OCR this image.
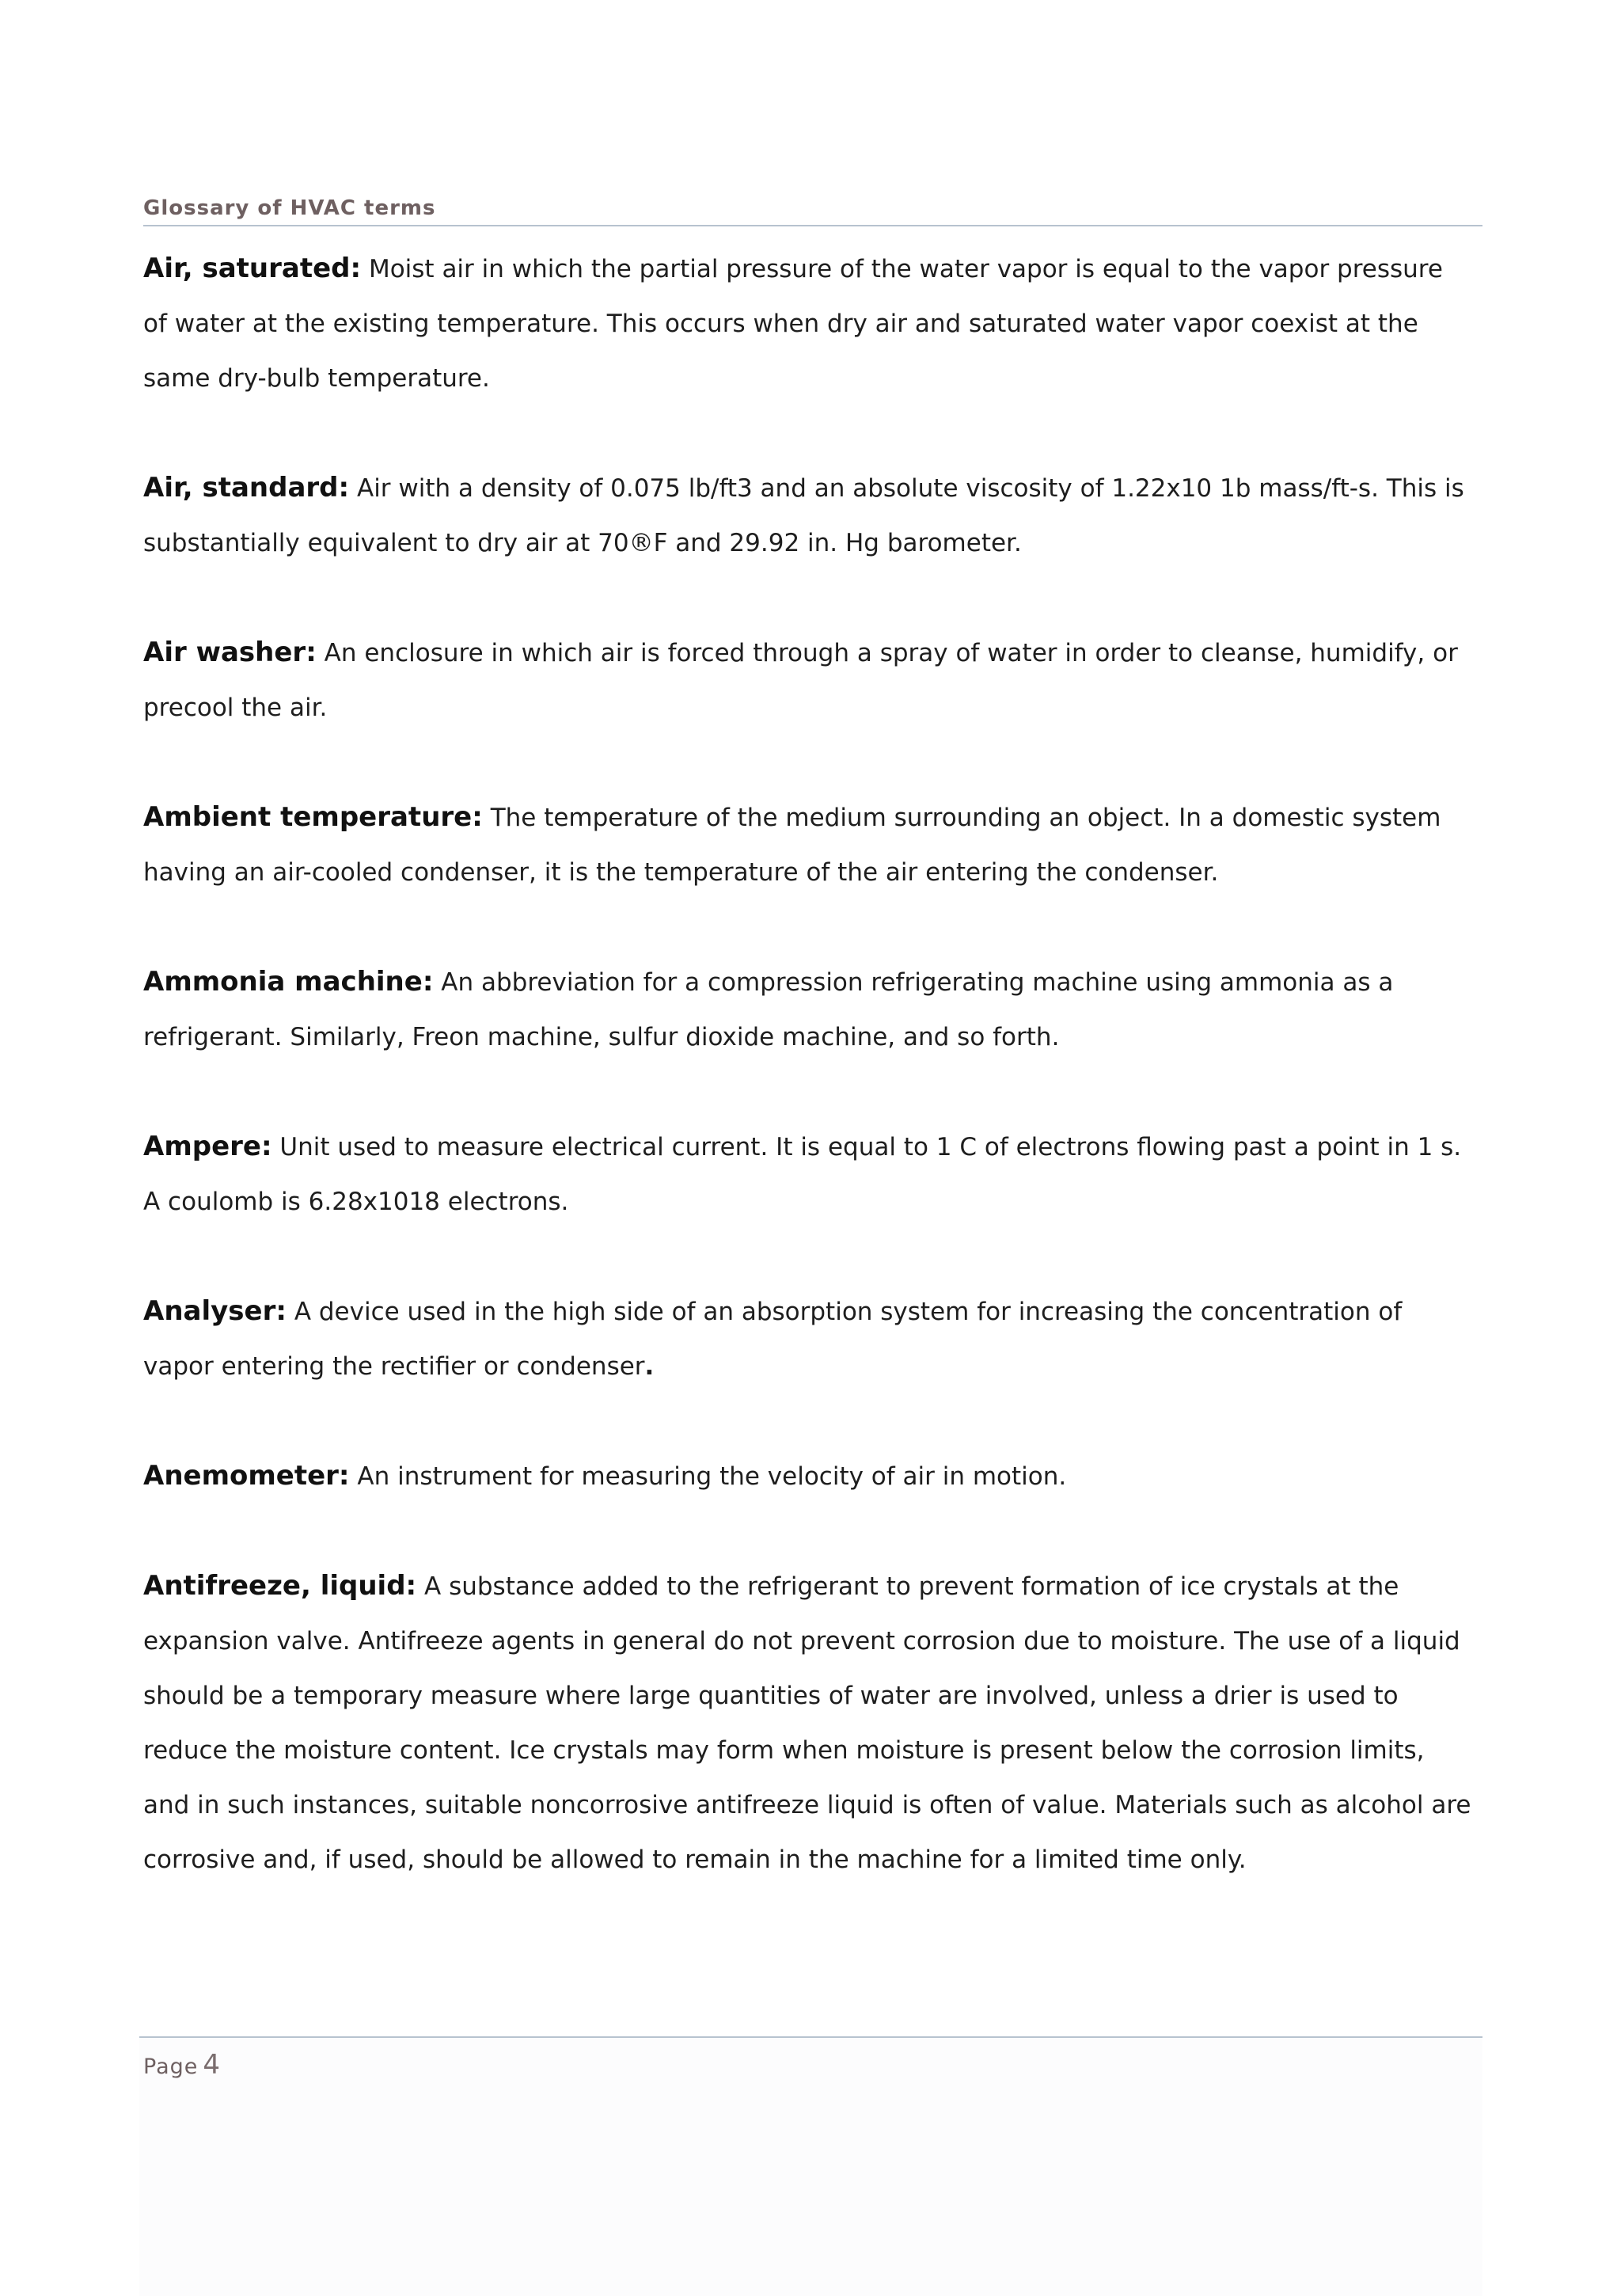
Glossary of HVAC terms

Air, saturated: Moist air in which the partial pressure of the water vapor is equal to the vapor pressure of water at the existing temperature. This occurs when dry air and saturated water vapor coexist at the same dry-bulb temperature.

Air, standard: Air with a density of 0.075 lb/ft3 and an absolute viscosity of 1.22x10 1b mass/ft-s. This is substantially equivalent to dry air at 70®F and 29.92 in. Hg barometer.

Air washer: An enclosure in which air is forced through a spray of water in order to cleanse, humidify, or precool the air.

Ambient temperature: The temperature of the medium surrounding an object. In a domestic system having an air-cooled condenser, it is the temperature of the air entering the condenser.

Ammonia machine: An abbreviation for a compression refrigerating machine using ammonia as a refrigerant. Similarly, Freon machine, sulfur dioxide machine, and so forth.

Ampere: Unit used to measure electrical current. It is equal to 1 C of electrons flowing past a point in 1 s. A coulomb is 6.28x1018 electrons.

Analyser: A device used in the high side of an absorption system for increasing the concentration of vapor entering the rectifier or condenser.

Anemometer: An instrument for measuring the velocity of air in motion.

Antifreeze, liquid: A substance added to the refrigerant to prevent formation of ice crystals at the expansion valve. Antifreeze agents in general do not prevent corrosion due to moisture. The use of a liquid should be a temporary measure where large quantities of water are involved, unless a drier is used to reduce the moisture content. Ice crystals may form when moisture is present below the corrosion limits, and in such instances, suitable noncorrosive antifreeze liquid is often of value. Materials such as alcohol are corrosive and, if used, should be allowed to remain in the machine for a limited time only.

Page 4
